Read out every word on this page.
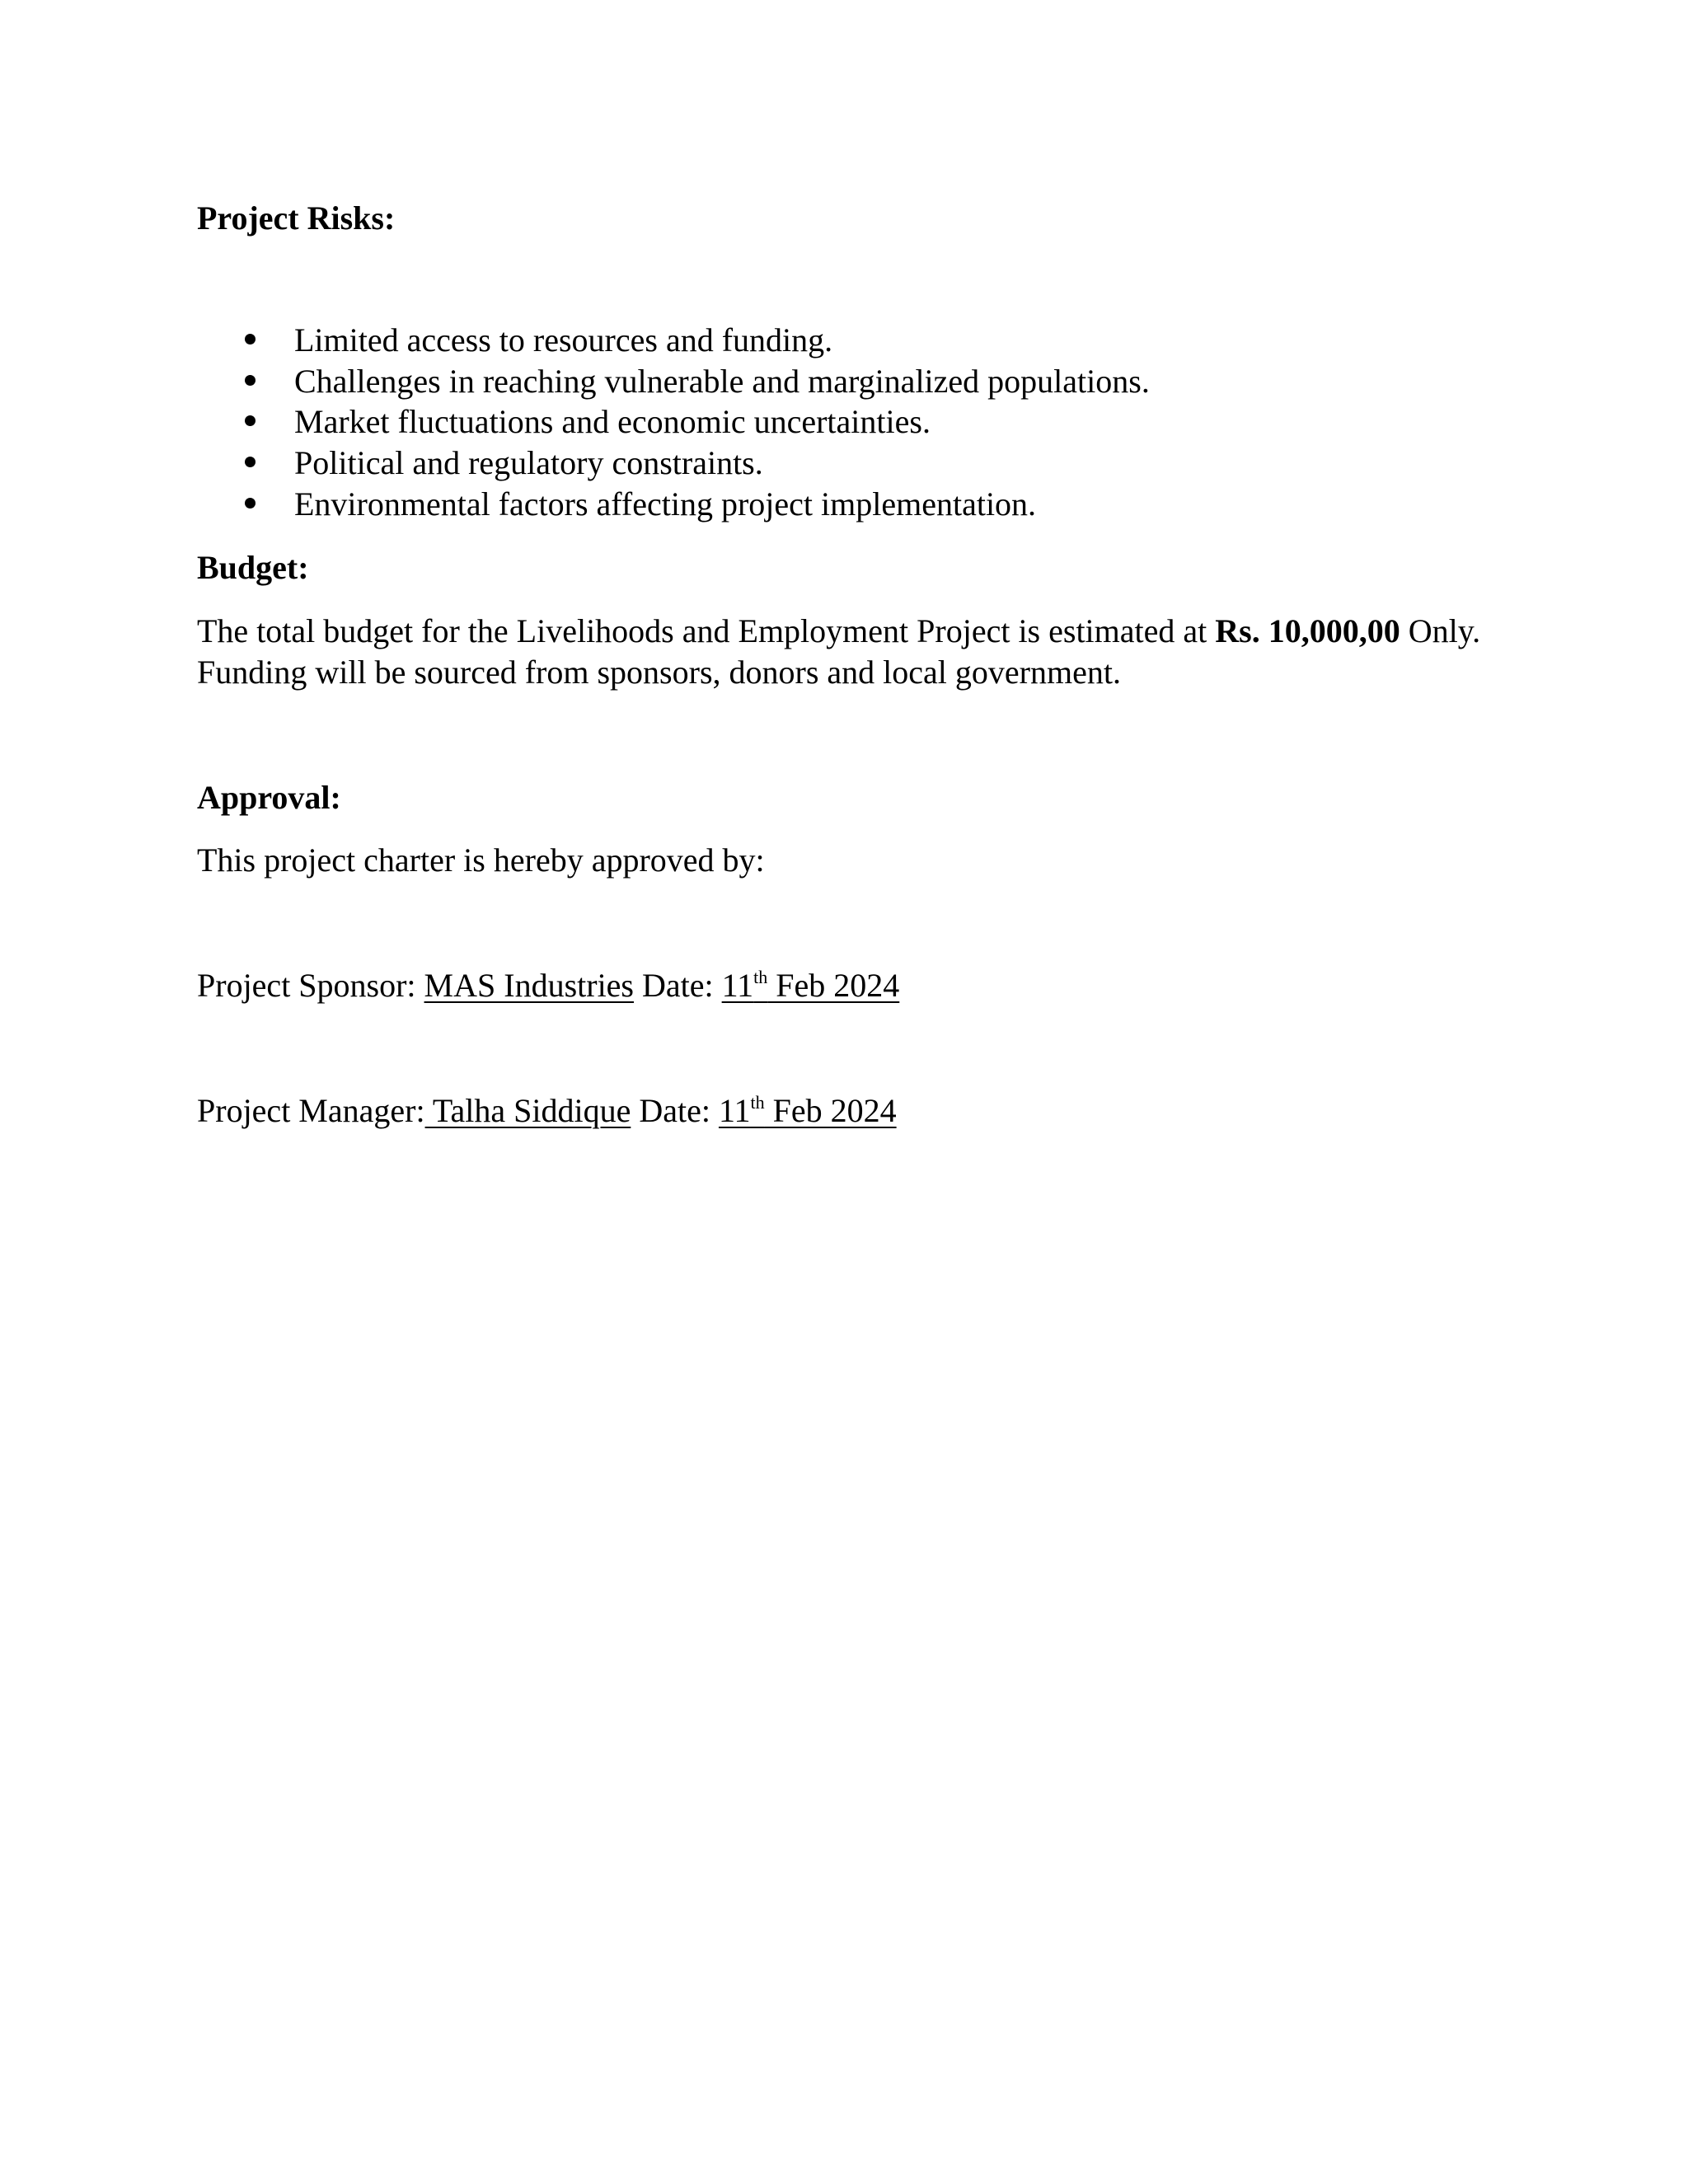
Project Risks:
Limited access to resources and funding.
Challenges in reaching vulnerable and marginalized populations.
Market fluctuations and economic uncertainties.
Political and regulatory constraints.
Environmental factors affecting project implementation.
Budget:
The total budget for the Livelihoods and Employment Project is estimated at Rs. 10,000,00 Only.
Funding will be sourced from sponsors, donors and local government.
Approval:
This project charter is hereby approved by:
Project Sponsor: MAS Industries Date: 11th Feb 2024
Project Manager: Talha Siddique Date: 11th Feb 2024
